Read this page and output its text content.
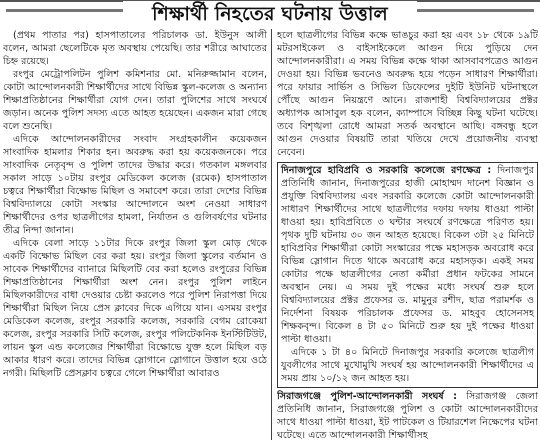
শিক্ষার্থী নিহতের ঘটনায় উত্তাল

(প্রথম পাতার পর) হাসপাতালের পরিচালক ডা. ইউনুস আলী বলেন, আমরা ছেলেটিকে মৃত অবস্থায় পেয়েছি। তার শরীরে আঘাতের চিহ্ন রয়েছে।

রংপুর মেট্রোপলিটন পুলিশ কমিশনার মো. মনিরুজ্জামান বলেন, কোটা আন্দোলনকারী শিক্ষার্থীদের সাথে বিভিন্ন স্কুল-কলেজ ও অন্যান্য শিক্ষাপ্রতিষ্ঠানের শিক্ষার্থীরা যোগ দেন। তারা পুলিশের সাথে সংঘর্ষে জড়ান। অনেক পুলিশ সদস্য এতে আহত হয়েছেন। একজন মারা গেছে বলে শুনেছি।

এদিকে আন্দোলনকারীদের সংবাদ সংগ্রহকালীন কয়েকজন সাংবাদিক হামলার শিকার হন। অবরুদ্ধ করা হয় কয়েকজনকে। পরে সাংবাদিক নেতৃবৃন্দ ও পুলিশ তাদের উদ্ধার করে। গতকাল মঙ্গলবার সকাল সাড়ে ১০টায় রংপুর মেডিকেল কলেজ (রমেক) হাসপাতাল চত্বরে শিক্ষার্থীরা বিক্ষোভ মিছিল ও সমাবেশ করে। তারা দেশের বিভিন্ন বিশ্ববিদ্যালয়ে কোটা সংস্কার আন্দোলনে অংশ নেওয়া সাধারণ শিক্ষার্থীদের ওপর ছাত্রলীগের হামলা, নির্যাতন ও গুলিবর্ষণের ঘটনার তীব্র নিন্দা জানান।

এদিকে বেলা সাড়ে ১১টার দিকে রংপুর জিলা স্কুল মোড় থেকে একটি বিক্ষোভ মিছিল বের করা হয়। রংপুর জিলা স্কুলের বর্তমান ও সাবেক শিক্ষার্থীদের ব্যানারে মিছিলটি বের করা হলেও রংপুরের বিভিন্ন শিক্ষাপ্রতিষ্ঠানের শিক্ষার্থীরা অংশ নেন। রংপুর পুলিশ লাইনে মিছিলকারীদের বাধা দেওয়ার চেষ্টা করলেও পরে পুলিশ নিরাপত্তা দিয়ে শিক্ষার্থীরা মিছিল নিয়ে প্রেস ক্লাবের দিকে এগিয়ে যান। এসময় রংপুর মেডিকেল কলেজ, রংপুর সরকারি কলেজ, সরকারি বেগম রোকেয়া কলেজ, রংপুর সরকারি সিটি কলেজ, রংপুর পলিটেকনিক ইনস্টিটিউট, লায়ন স্কুল এন্ড কলেজের শিক্ষার্থীরা বিক্ষোভে যুক্ত হলে মিছিল বড় আকার ধারণ করে। তাদের বিভিন্ন স্লোগানে স্লোগানে উত্তাল হয়ে ওঠে নগরী। মিছিলটি প্রেসক্লাব চত্বরে গেলে শিক্ষার্থীরা আবারও

হলে ছাত্রলীগের বিভিন্ন কক্ষে ভাঙচুর করা হয় এবং ১৮ থেকে ১৯টি মটরসাইকেল ও বাইসাইকেলে আগুন দিয়ে পুড়িয়ে দেন আন্দোলনকারীরা। এ সময় বিভিন্ন কক্ষে থাকা আসবাবপত্রেও আগুন দেওয়া হয়। বিভিন্ন ভবনেও অবরুদ্ধ হয়ে পড়েন সাধারণ শিক্ষার্থীরা। পরে ফায়ার সার্ভিস ও সিভিল ডিফেন্সের দুইটি ইউনিট ঘটনাস্থলে পৌঁছে আগুন নিয়ন্ত্রণে আনে। রাজশাহী বিশ্ববিদ্যালয়ের প্রক্টর অধ্যাপক আসাবুল হক বলেন, ক্যাম্পাসে বিচ্ছিন্ন কিছু ঘটনা ঘটেছে। তবে বিশৃঙ্খলা রোধে আমরা সতর্ক অবস্থানে আছি। বঙ্গবন্ধু হলে আগুন দেওয়ার বিষয়টি তারা খতিয়ে দেখে প্রয়োজনীয় ব্যবস্থা নেবেন।

দিনাজপুরে হাবিপ্রবি ও সরকারি কলেজে রণক্ষেত্র : দিনাজপুর প্রতিনিধি জানান, দিনাজপুরের হাজী মোহাম্মদ দানেশ বিজ্ঞান ও প্রযুক্তি বিশ্ববিদ্যালয় এবং সরকারি কলেজে কোটা আন্দোলনকারী সাধারণ শিক্ষার্থীদের সাথে ছাত্রলীগের দফায় দফায় ধাওয়া পাল্টা ধাওয়া হয়। হাবিপ্রবিতে ৩ ঘন্টার সংঘর্ষে রণক্ষেত্রে পরিণত হয়। পৃথক দুটি ঘটনায় ৩০ জন আহত হয়েছে। বিকেল ৩টা ২৫ মিনিটে হাবিপ্রবির শিক্ষার্থীরা কোটা সংস্কারের পক্ষে মহাসড়ক অবরোধ করে বিভিন্ন স্লোগান দিতে থাকে অবরোধ করে মহাসড়ক। একই সময় কোটার পক্ষে ছাত্রলীগের নেতা কর্মীরা প্রধান ফটকের সামনে অবস্থান নেয়। এ সময় দুই পক্ষের মধ্যে সংঘর্ষ শুরু হলে বিশ্ববিদ্যালয়ের প্রক্টর প্রফেসর ড. মামুনুর রশীদ, ছাত্র পরামর্শক ও নির্দেশনা বিষয়ক পরিচালক প্রফেসর ড. মাহবুব হোসেনসহ শিক্ষকবৃন্দ। বিকেল ৪ টা ৫০ মিনিটে শুরু হয় দুই পক্ষের ধাওয়া পাল্টা ধাওয়া।

এদিকে ১ টা ৪০ মিনিটে দিনাজপুর সরকারি কলেজে ছাত্রলীগ যুবলীগের সাথে মুখোমুখি সংঘর্ষ হয় আন্দোলনকারী শিক্ষার্থীদের এ সময় প্রায় ১০/১২ জন আহত হয়।

সিরাজগঞ্জে পুলিশ-আন্দোলনকারী সংঘর্ষ : সিরাজগঞ্জ জেলা প্রতিনিধি জানান, সিরাজগঞ্জে পুলিশ ও কোটা আন্দোলনকারীদের সাথে ধাওয়া পাল্টা ধাওয়া, ইট পাটকেল ও টিয়ারশেল নিক্ষেপের ঘটনা ঘটেছে। এতে আন্দোলনকারী শিক্ষার্থীসহ
